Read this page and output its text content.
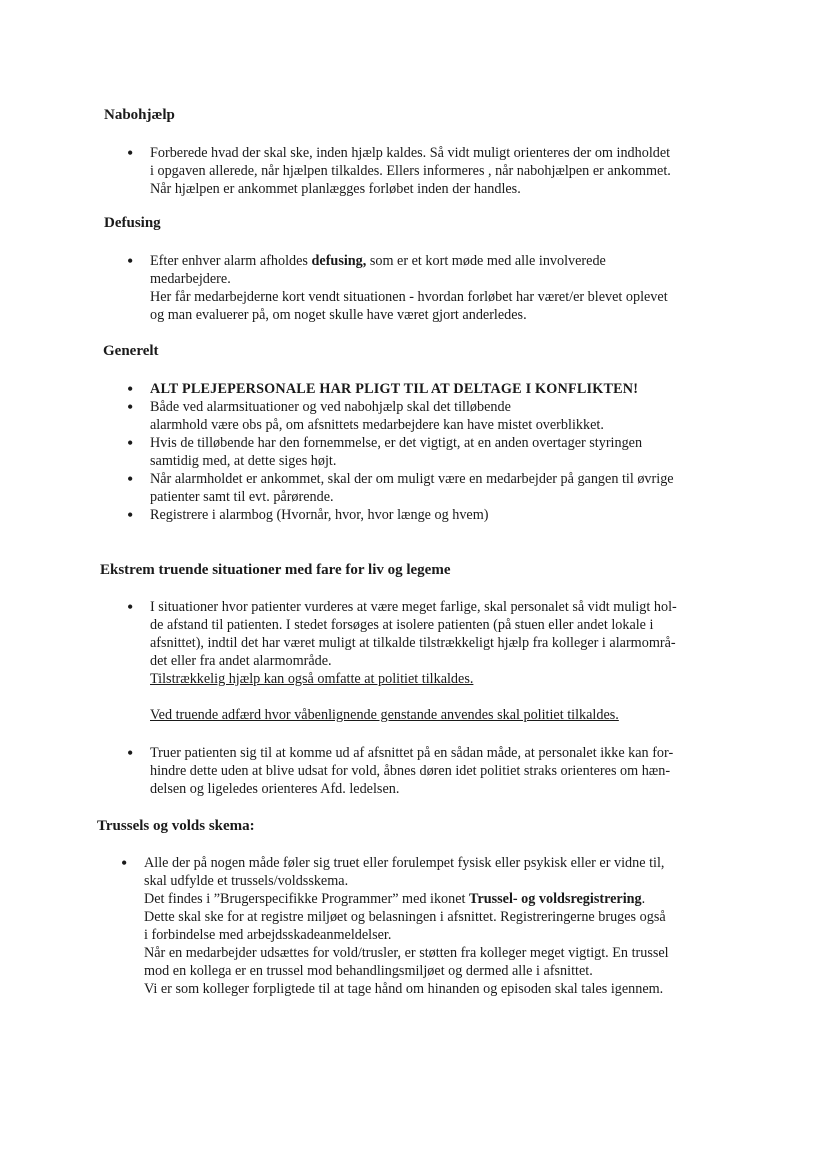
Nabohjælp
• Forberede hvad der skal ske, inden hjælp kaldes. Så vidt muligt orienteres der om indholdet
i opgaven allerede, når hjælpen tilkaldes. Ellers informeres , når nabohjælpen er ankommet.
Når hjælpen er ankommet planlægges forløbet inden der handles.
Defusing
• Efter enhver alarm afholdes defusing, som er et kort møde med alle involverede
medarbejdere.
Her får medarbejderne kort vendt situationen - hvordan forløbet har været/er blevet oplevet
og man evaluerer på, om noget skulle have været gjort anderledes.
Generelt
• ALT PLEJEPERSONALE HAR PLIGT TIL AT DELTAGE I KONFLIKTEN!
• Både ved alarmsituationer og ved nabohjælp skal det tilløbende
alarmhold være obs på, om afsnittets medarbejdere kan have mistet overblikket.
• Hvis de tilløbende har den fornemmelse, er det vigtigt, at en anden overtager styringen
samtidig med, at dette siges højt.
• Når alarmholdet er ankommet, skal der om muligt være en medarbejder på gangen til øvrige
patienter samt til evt. pårørende.
• Registrere i alarmbog (Hvornår, hvor, hvor længe og hvem)
Ekstrem truende situationer med fare for liv og legeme
• I situationer hvor patienter vurderes at være meget farlige, skal personalet så vidt muligt hol-
de afstand til patienten. I stedet forsøges at isolere patienten (på stuen eller andet lokale i
afsnittet), indtil det har været muligt at tilkalde tilstrækkeligt hjælp fra kolleger i alarmområ-
det eller fra andet alarmområde.
Tilstrækkelig hjælp kan også omfatte at politiet tilkaldes.
Ved truende adfærd hvor våbenlignende genstande anvendes skal politiet tilkaldes.
• Truer patienten sig til at komme ud af afsnittet på en sådan måde, at personalet ikke kan for-
hindre dette uden at blive udsat for vold, åbnes døren idet politiet straks orienteres om hæn-
delsen og ligeledes orienteres Afd. ledelsen.
Trussels og volds skema:
• Alle der på nogen måde føler sig truet eller forulempet fysisk eller psykisk eller er vidne til,
skal udfylde et trussels/voldsskema.
Det findes i ”Brugerspecifikke Programmer” med ikonet Trussel- og voldsregistrering.
Dette skal ske for at registre miljøet og belasningen i afsnittet. Registreringerne bruges også
i forbindelse med arbejdsskadeanmeldelser.
Når en medarbejder udsættes for vold/trusler, er støtten fra kolleger meget vigtigt. En trussel
mod en kollega er en trussel mod behandlingsmiljøet og dermed alle i afsnittet.
Vi er som kolleger forpligtede til at tage hånd om hinanden og episoden skal tales igennem.
